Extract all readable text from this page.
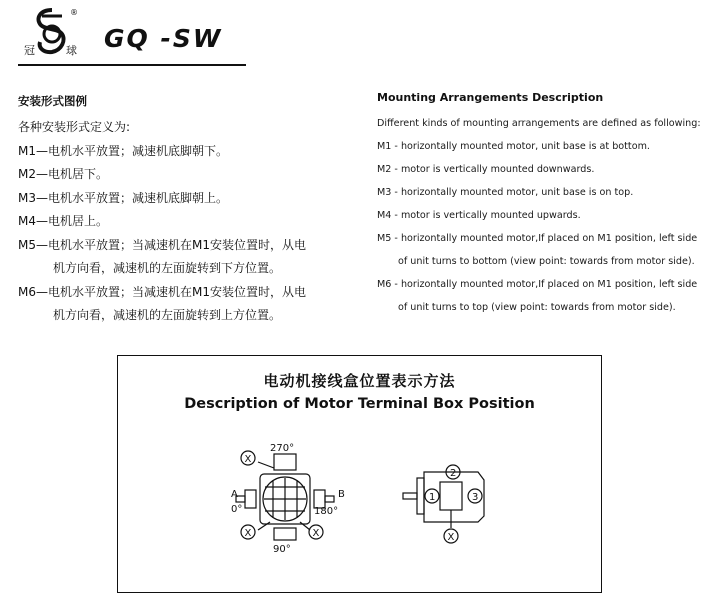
冠	球
®
GQ -SW
安装形式图例
各种安装形式定义为:
M1—电机水平放置；减速机底脚朝下。
M2—电机居下。
M3—电机水平放置；减速机底脚朝上。
M4—电机居上。
M5—电机水平放置；当减速机在M1安装位置时，从电
机方向看，减速机的左面旋转到下方位置。
M6—电机水平放置；当减速机在M1安装位置时，从电
机方向看，减速机的左面旋转到上方位置。
Mounting Arrangements Description
Different kinds of mounting arrangements are defined as following:
M1 - horizontally mounted motor, unit base is at bottom.
M2 - motor is vertically mounted downwards.
M3 - horizontally mounted motor, unit base is on top.
M4 - motor is vertically mounted upwards.
M5 - horizontally mounted motor,If placed on M1 position, left side
of unit turns to bottom (view point: towards from motor side).
M6 - horizontally mounted motor,If placed on M1 position, left side
of unit turns to top (view point: towards from motor side).
电动机接线盒位置表示方法
Description of Motor Terminal Box Position
X
X	X
270°
A
0°
B
180°
90°
1
2
3
X
